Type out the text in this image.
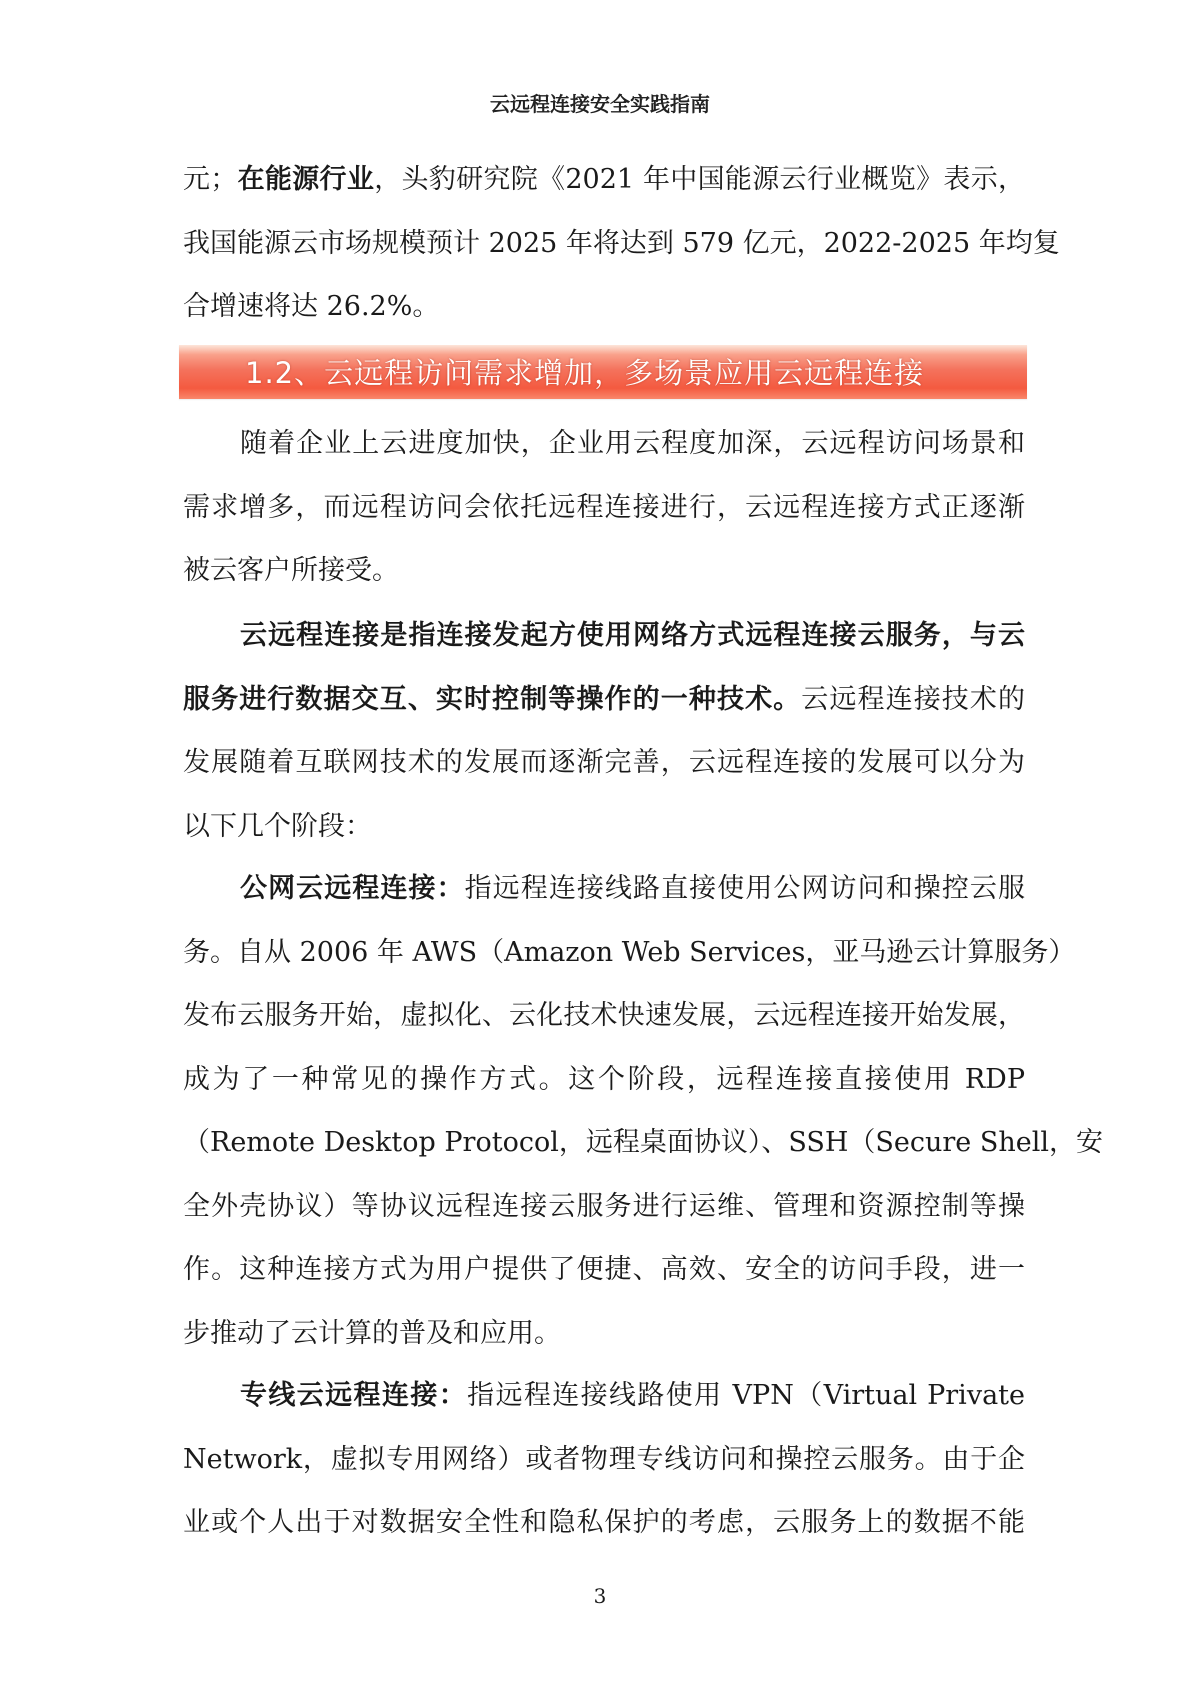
云远程连接安全实践指南
元；在能源行业，头豹研究院《2021 年中国能源云行业概览》表示，
我国能源云市场规模预计 2025 年将达到 579 亿元，2022-2025 年均复
合增速将达 26.2%。
1.2、云远程访问需求增加，多场景应用云远程连接
随着企业上云进度加快，企业用云程度加深，云远程访问场景和
需求增多，而远程访问会依托远程连接进行，云远程连接方式正逐渐
被云客户所接受。
云远程连接是指连接发起方使用网络方式远程连接云服务，与云
服务进行数据交互、实时控制等操作的一种技术。云远程连接技术的
发展随着互联网技术的发展而逐渐完善，云远程连接的发展可以分为
以下几个阶段：
公网云远程连接：指远程连接线路直接使用公网访问和操控云服
务。自从 2006 年 AWS（Amazon Web Services，亚马逊云计算服务）
发布云服务开始，虚拟化、云化技术快速发展，云远程连接开始发展，
成为了一种常见的操作方式。这个阶段，远程连接直接使用 RDP
（Remote Desktop Protocol，远程桌面协议）、SSH（Secure Shell，安
全外壳协议）等协议远程连接云服务进行运维、管理和资源控制等操
作。这种连接方式为用户提供了便捷、高效、安全的访问手段，进一
步推动了云计算的普及和应用。
专线云远程连接：指远程连接线路使用 VPN（Virtual Private
Network，虚拟专用网络）或者物理专线访问和操控云服务。由于企
业或个人出于对数据安全性和隐私保护的考虑，云服务上的数据不能
3
